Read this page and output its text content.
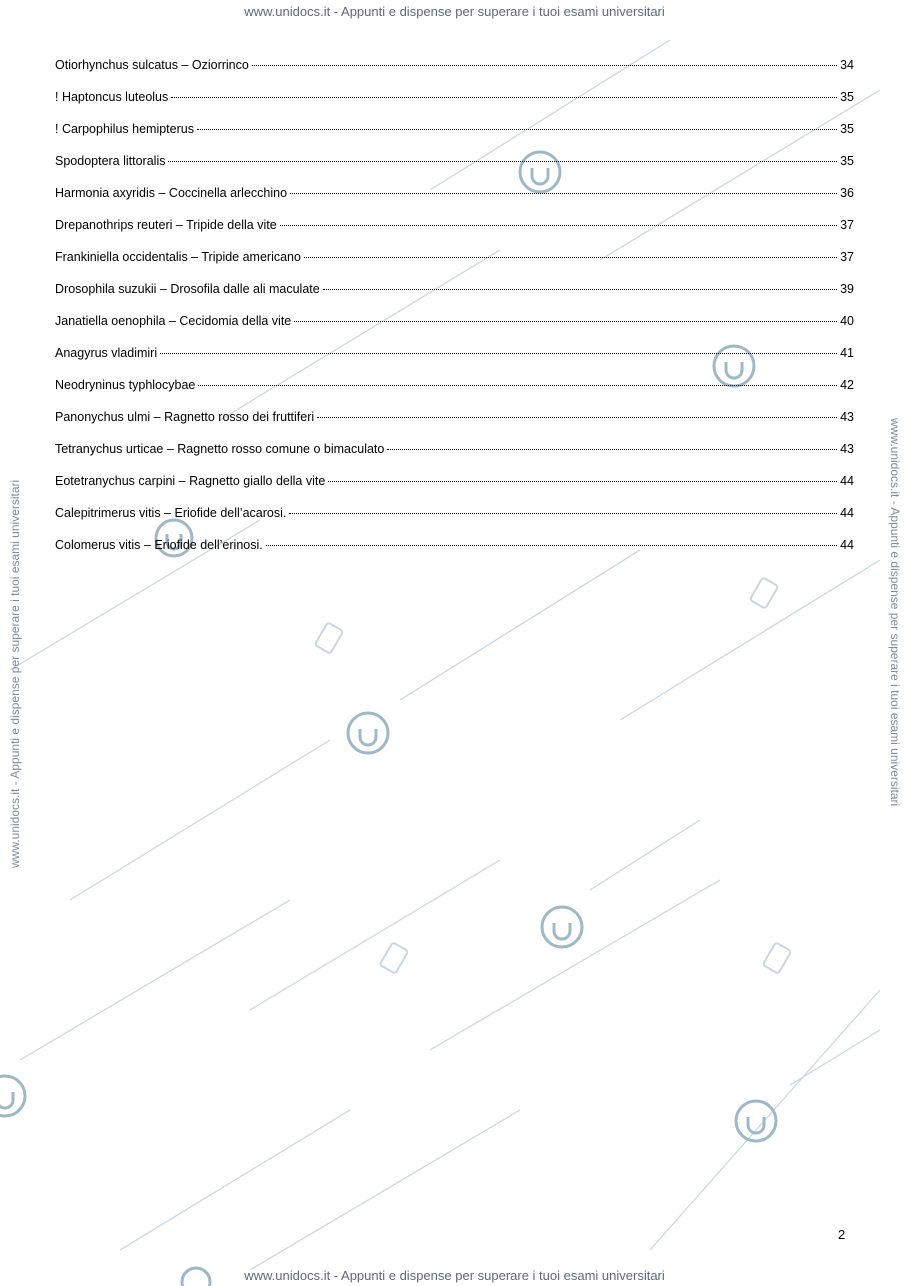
www.unidocs.it - Appunti e dispense per superare i tuoi esami universitari
www.unidocs.it - Appunti e dispense per superare i tuoi esami universitari
www.unidocs.it - Appunti e dispense per superare i tuoi esami universitari	www.unidocs.it - Appunti e dispense per superare i tuoi esami universitari
Otiorhynchus sulcatus – Oziorrinco	34
! Haptoncus luteolus	35
! Carpophilus hemipterus	35
Spodoptera littoralis	35
Harmonia axyridis – Coccinella arlecchino	36
Drepanothrips reuteri – Tripide della vite	37
Frankiniella occidentalis – Tripide americano	37
Drosophila suzukii – Drosofila dalle ali maculate	39
Janatiella oenophila – Cecidomia della vite	40
Anagyrus vladimiri	41
Neodryninus typhlocybae	42
Panonychus ulmi – Ragnetto rosso dei fruttiferi	43
Tetranychus urticae – Ragnetto rosso comune o bimaculato	43
Eotetranychus carpini – Ragnetto giallo della vite	44
Calepitrimerus vitis – Eriofide dell’acarosi.	44
Colomerus vitis – Eriofide dell’erinosi.	44
2
